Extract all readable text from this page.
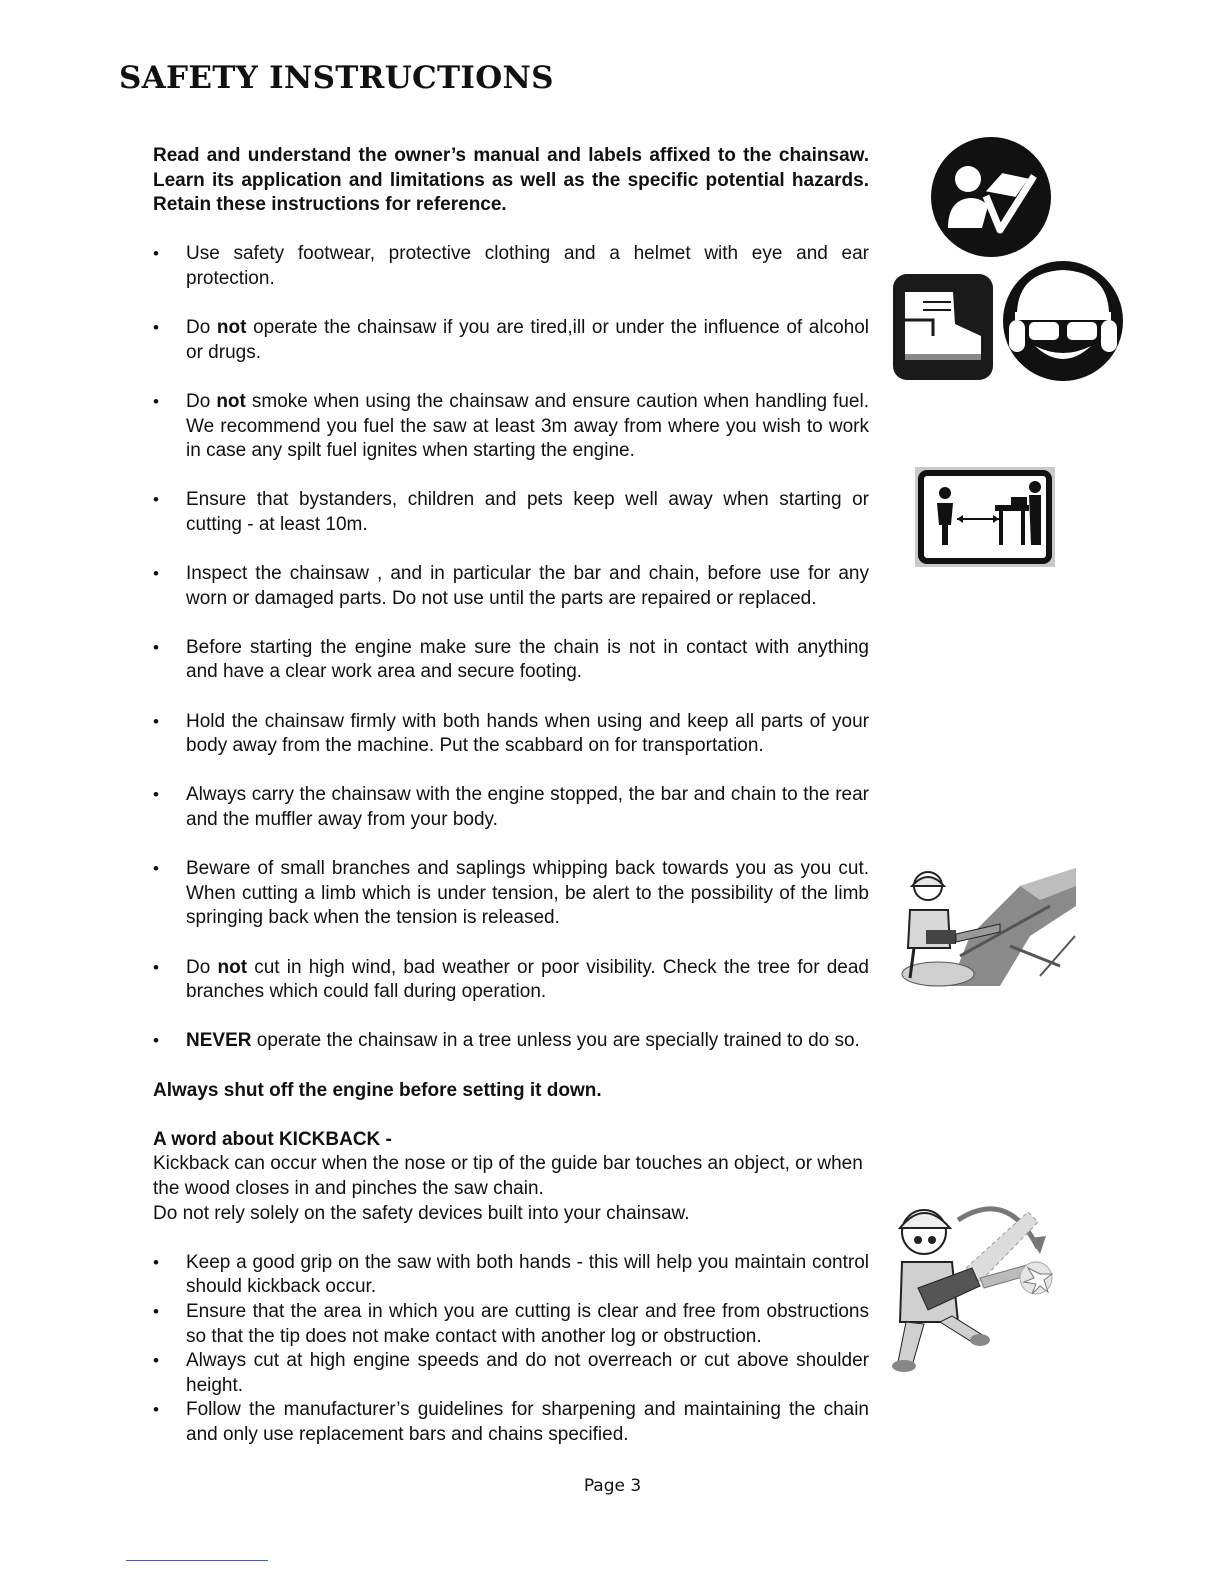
SAFETY INSTRUCTIONS

Read and understand the owner’s manual and labels affixed to the chainsaw. Learn its application and limitations as well as the specific potential hazards. Retain these instructions for reference.

• Use safety footwear, protective clothing and a helmet with eye and ear protection.
• Do not operate the chainsaw if you are tired,ill or under the influence of alcohol or drugs.
• Do not smoke when using the chainsaw and ensure caution when handling fuel. We recommend you fuel the saw at least 3m away from where you wish to work in case any spilt fuel ignites when starting the engine.
• Ensure that bystanders, children and pets keep well away when starting or cutting - at least 10m.
• Inspect the chainsaw , and in particular the bar and chain, before use for any worn or damaged parts. Do not use until the parts are repaired or replaced.
• Before starting the engine make sure the chain is not in contact with anything and have a clear work area and secure footing.
• Hold the chainsaw firmly with both hands when using and keep all parts of your body away from the machine. Put the scabbard on for transportation.
• Always carry the chainsaw with the engine stopped, the bar and chain to the rear and the muffler away from your body.
• Beware of small branches and saplings whipping back towards you as you cut. When cutting a limb which is under tension, be alert to the possibility of the limb springing back when the tension is released.
• Do not cut in high wind, bad weather or poor visibility. Check the tree for dead branches which could fall during operation.
• NEVER operate the chainsaw in a tree unless you are specially trained to do so.

Always shut off the engine before setting it down.

A word about KICKBACK -

Kickback can occur when the nose or tip of the guide bar touches an object, or when the wood closes in and pinches the saw chain.
Do not rely solely on the safety devices built into your chainsaw.

• Keep a good grip on the saw with both hands - this will help you maintain control should kickback occur.
• Ensure that the area in which you are cutting is clear and free from obstructions so that the tip does not make contact with another log or obstruction.
• Always cut at high engine speeds and do not overreach or cut above shoulder height.
• Follow the manufacturer’s guidelines for sharpening and maintaining the chain and only use replacement bars and chains specified.
Page 3
